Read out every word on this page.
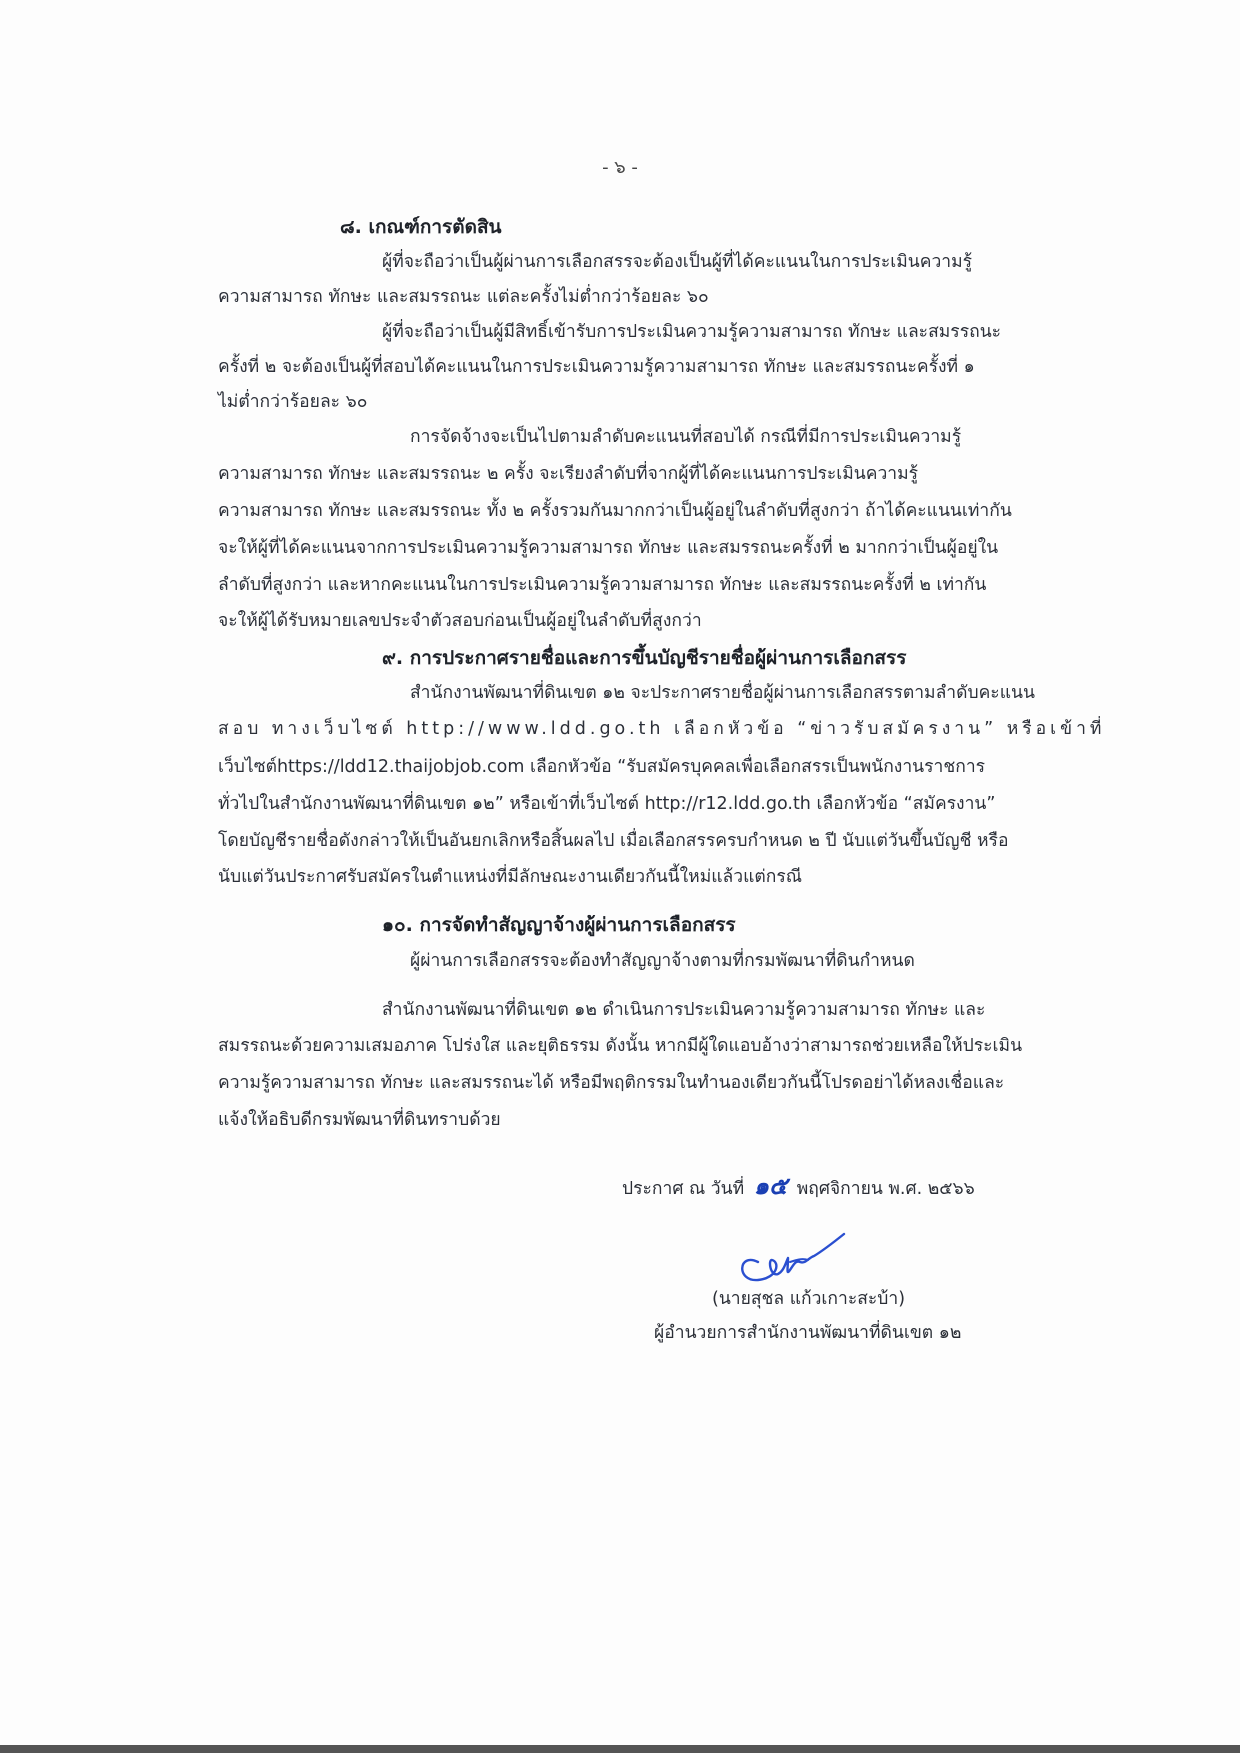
- ๖ -
๘. เกณฑ์การตัดสิน
ผู้ที่จะถือว่าเป็นผู้ผ่านการเลือกสรรจะต้องเป็นผู้ที่ได้คะแนนในการประเมินความรู้
ความสามารถ ทักษะ และสมรรถนะ แต่ละครั้งไม่ต่ำกว่าร้อยละ ๖๐
ผู้ที่จะถือว่าเป็นผู้มีสิทธิ์เข้ารับการประเมินความรู้ความสามารถ ทักษะ และสมรรถนะ
ครั้งที่ ๒ จะต้องเป็นผู้ที่สอบได้คะแนนในการประเมินความรู้ความสามารถ ทักษะ และสมรรถนะครั้งที่ ๑
ไม่ต่ำกว่าร้อยละ ๖๐
การจัดจ้างจะเป็นไปตามลำดับคะแนนที่สอบได้ กรณีที่มีการประเมินความรู้
ความสามารถ ทักษะ และสมรรถนะ ๒ ครั้ง จะเรียงลำดับที่จากผู้ที่ได้คะแนนการประเมินความรู้
ความสามารถ ทักษะ และสมรรถนะ ทั้ง ๒ ครั้งรวมกันมากกว่าเป็นผู้อยู่ในลำดับที่สูงกว่า ถ้าได้คะแนนเท่ากัน
จะให้ผู้ที่ได้คะแนนจากการประเมินความรู้ความสามารถ ทักษะ และสมรรถนะครั้งที่ ๒ มากกว่าเป็นผู้อยู่ใน
ลำดับที่สูงกว่า และหากคะแนนในการประเมินความรู้ความสามารถ ทักษะ และสมรรถนะครั้งที่ ๒ เท่ากัน
จะให้ผู้ได้รับหมายเลขประจำตัวสอบก่อนเป็นผู้อยู่ในลำดับที่สูงกว่า
๙. การประกาศรายชื่อและการขึ้นบัญชีรายชื่อผู้ผ่านการเลือกสรร
สำนักงานพัฒนาที่ดินเขต ๑๒ จะประกาศรายชื่อผู้ผ่านการเลือกสรรตามลำดับคะแนน
สอบ ทางเว็บไซต์ http://www.ldd.go.th เลือกหัวข้อ “ข่าวรับสมัครงาน” หรือเข้าที่
เว็บไซต์https://ldd12.thaijobjob.com เลือกหัวข้อ “รับสมัครบุคคลเพื่อเลือกสรรเป็นพนักงานราชการ
ทั่วไปในสำนักงานพัฒนาที่ดินเขต ๑๒” หรือเข้าที่เว็บไซต์ http://r12.ldd.go.th เลือกหัวข้อ “สมัครงาน”
โดยบัญชีรายชื่อดังกล่าวให้เป็นอันยกเลิกหรือสิ้นผลไป เมื่อเลือกสรรครบกำหนด ๒ ปี นับแต่วันขึ้นบัญชี หรือ
นับแต่วันประกาศรับสมัครในตำแหน่งที่มีลักษณะงานเดียวกันนี้ใหม่แล้วแต่กรณี
๑๐. การจัดทำสัญญาจ้างผู้ผ่านการเลือกสรร
ผู้ผ่านการเลือกสรรจะต้องทำสัญญาจ้างตามที่กรมพัฒนาที่ดินกำหนด
สำนักงานพัฒนาที่ดินเขต ๑๒ ดำเนินการประเมินความรู้ความสามารถ ทักษะ และ
สมรรถนะด้วยความเสมอภาค โปร่งใส และยุติธรรม ดังนั้น หากมีผู้ใดแอบอ้างว่าสามารถช่วยเหลือให้ประเมิน
ความรู้ความสามารถ ทักษะ และสมรรถนะได้ หรือมีพฤติกรรมในทำนองเดียวกันนี้โปรดอย่าได้หลงเชื่อและ
แจ้งให้อธิบดีกรมพัฒนาที่ดินทราบด้วย
ประกาศ ณ วันที่ ๑๕ พฤศจิกายน พ.ศ. ๒๕๖๖
(นายสุชล แก้วเกาะสะบ้า)
ผู้อำนวยการสำนักงานพัฒนาที่ดินเขต ๑๒
